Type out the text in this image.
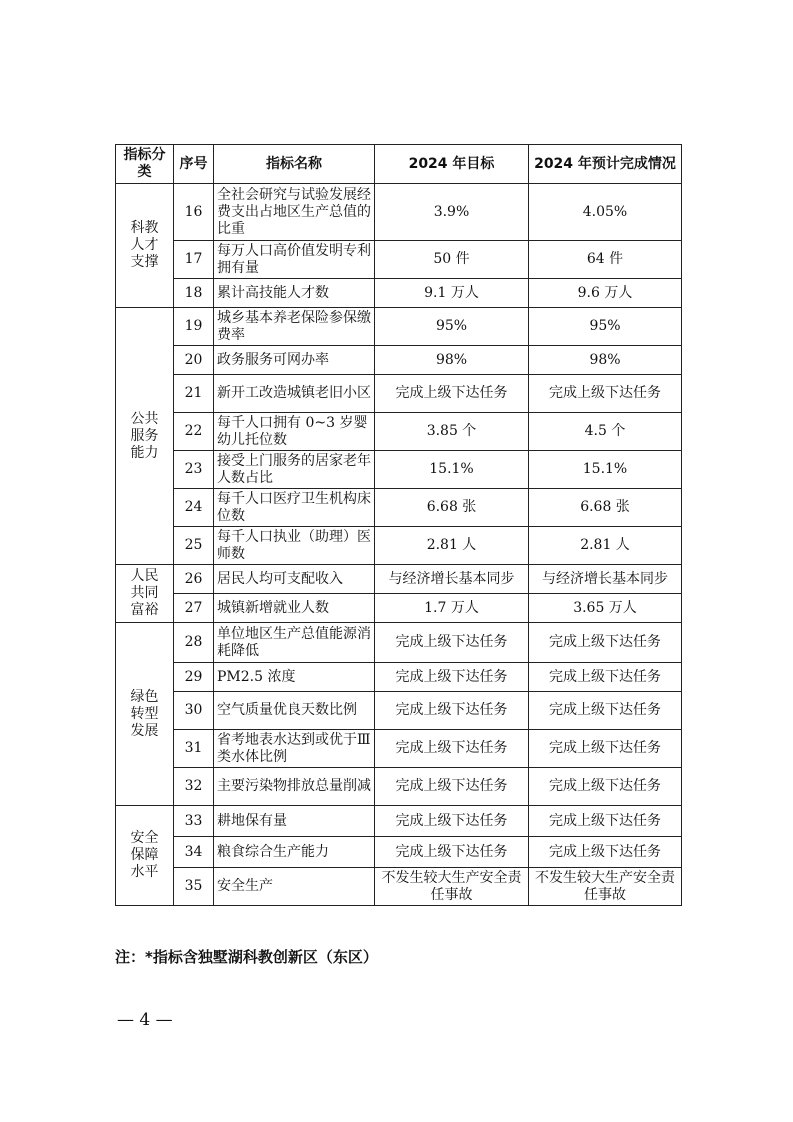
指标分类	序号	指标名称	2024 年目标	2024 年预计完成情况

科教
人才
支撑	16	全社会研究与试验发展经费支出占地区生产总值的比重	3.9%	4.05%
	17	每万人口高价值发明专利拥有量	50 件	64 件
	18	累计高技能人才数	9.1 万人	9.6 万人

公共
服务
能力	19	城乡基本养老保险参保缴费率	95%	95%
	20	政务服务可网办率	98%	98%
	21	新开工改造城镇老旧小区	完成上级下达任务	完成上级下达任务
	22	每千人口拥有 0~3 岁婴幼儿托位数	3.85 个	4.5 个
	23	接受上门服务的居家老年人数占比	15.1%	15.1%
	24	每千人口医疗卫生机构床位数	6.68 张	6.68 张
	25	每千人口执业（助理）医师数	2.81 人	2.81 人

人民
共同
富裕	26	居民人均可支配收入	与经济增长基本同步	与经济增长基本同步
	27	城镇新增就业人数	1.7 万人	3.65 万人

绿色
转型
发展	28	单位地区生产总值能源消耗降低	完成上级下达任务	完成上级下达任务
	29	PM2.5 浓度	完成上级下达任务	完成上级下达任务
	30	空气质量优良天数比例	完成上级下达任务	完成上级下达任务
	31	省考地表水达到或优于Ⅲ类水体比例	完成上级下达任务	完成上级下达任务
	32	主要污染物排放总量削减	完成上级下达任务	完成上级下达任务

安全
保障
水平	33	耕地保有量	完成上级下达任务	完成上级下达任务
	34	粮食综合生产能力	完成上级下达任务	完成上级下达任务
	35	安全生产	不发生较大生产安全责任事故	不发生较大生产安全责任事故
注：*指标含独墅湖科教创新区（东区）
— 4 —
